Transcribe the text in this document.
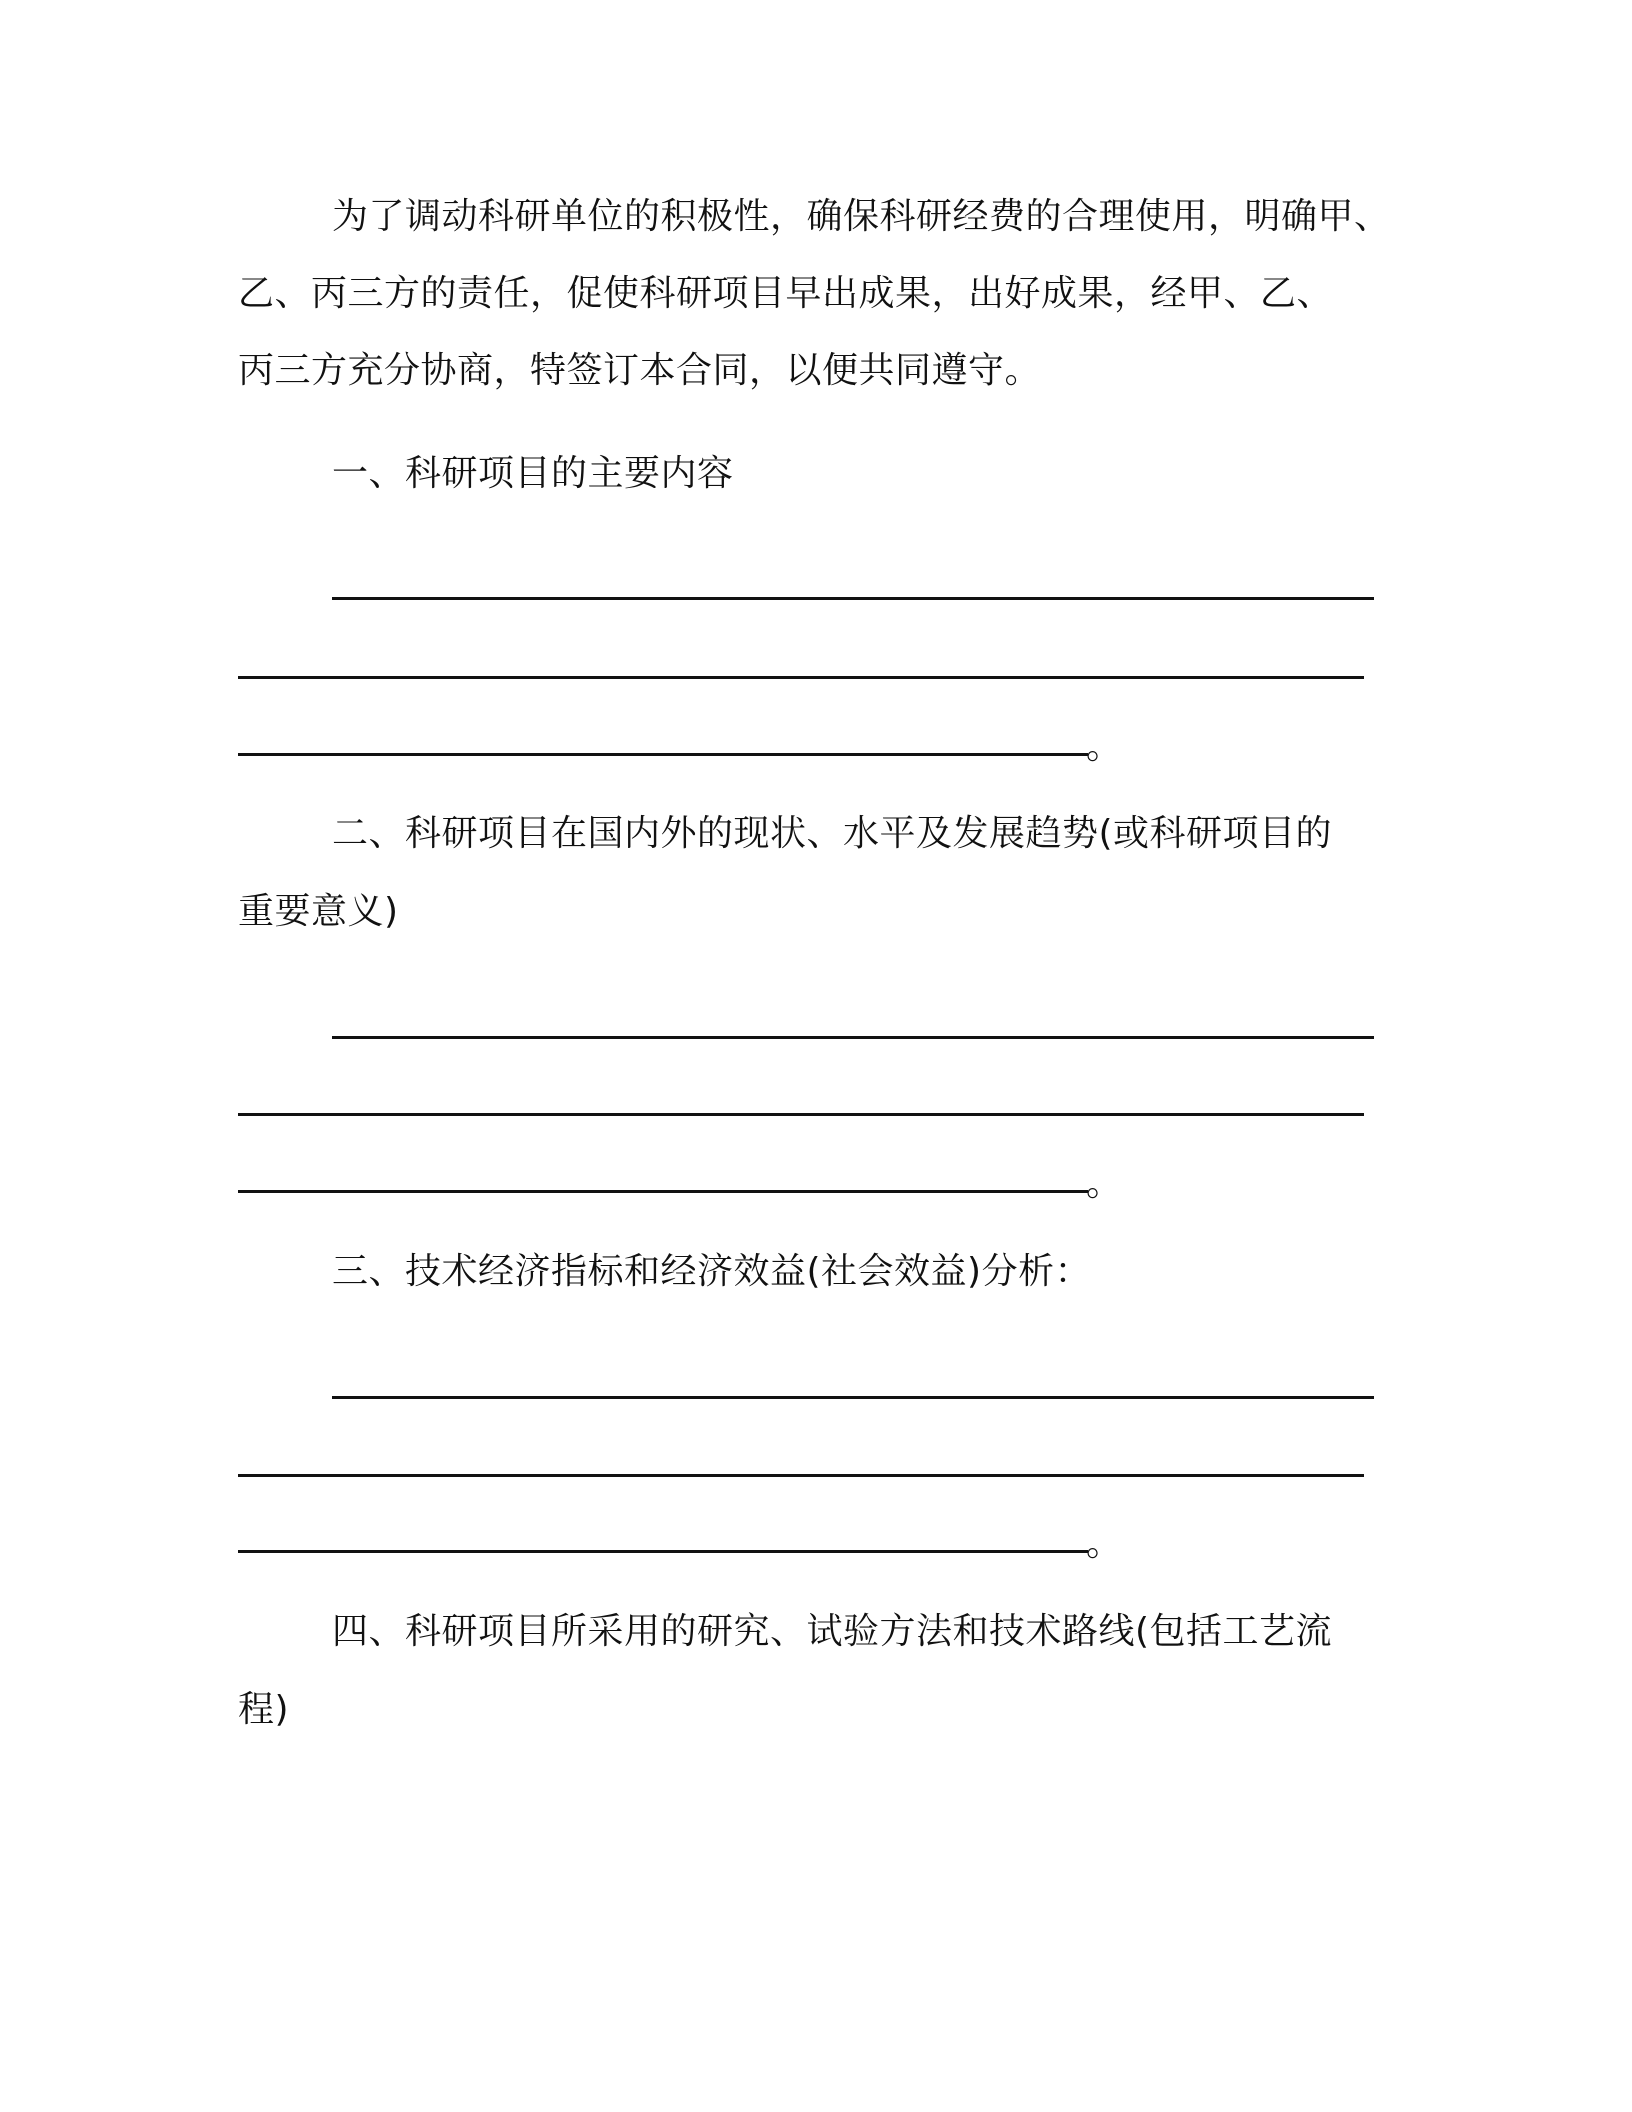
为了调动科研单位的积极性，确保科研经费的合理使用，明确甲、
乙、丙三方的责任，促使科研项目早出成果，出好成果，经甲、乙、
丙三方充分协商，特签订本合同，以便共同遵守。
一、科研项目的主要内容
。
二、科研项目在国内外的现状、水平及发展趋势(或科研项目的
重要意义)
。
三、技术经济指标和经济效益(社会效益)分析：
。
四、科研项目所采用的研究、试验方法和技术路线(包括工艺流
程)
